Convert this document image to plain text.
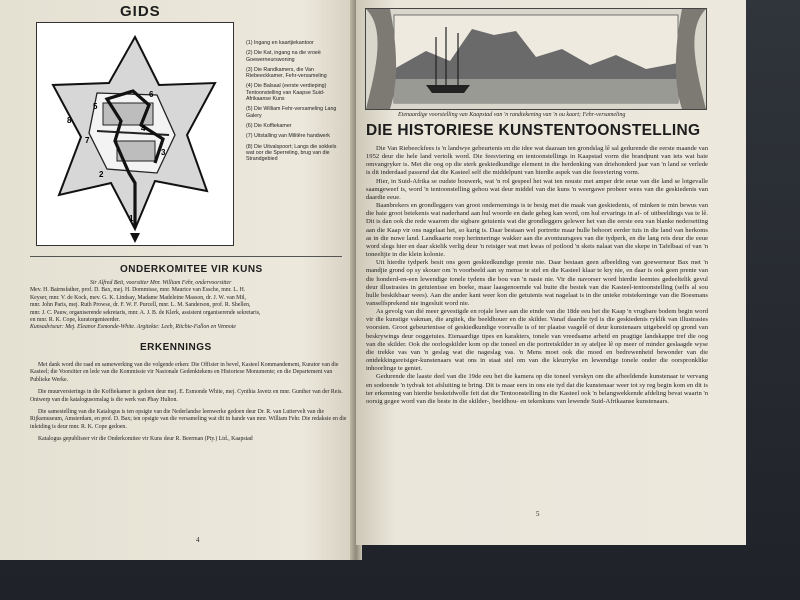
GIDS
1
2
3
4
5
6
7
8
(1) Ingang en kaartjiekantoor
(2) Die Kat, ingang na die vroeë Goewerneurswoning
(3) Die Randkamers, die Van Riebeeckkamer, Fehr-versameling
(4) Die Balsaal (eerste verdieping) Tentoonstelling van Kaapse Suid-Afrikaanse Kuns
(5) Die William Fehr-versameling Lang Galery
(6) Die Koffiekamer
(7) Uitstalling van Militêre handwerk
(8) Die Uitvalspoort; Langs die sokkels wat oor die Sperreling, brug van die Strandgebied
ONDERKOMITEE VIR KUNS
Sir Alfred Beit, voorsitter Mnr. William Fehr, ondervoorsitter
Mev. H. Bairnsfather, prof. D. Bax, mej. H. Dommisse, mnr. Maurice van Essche, mnr. L. H.
Keyser, mnr. V. de Kock, mev. G. K. Lindsay, Madame Madeleine Masson, dr. J. W. van Mil,
mnr. John Paris, mej. Ruth Prowse, dr. F. W. F. Purcell, mnr. L. M. Sanderson, prof. R. Shellen,
mnr. J. C. Pauw, organiserende sekretaris, mnr. A. J. B. de Klerk, assistent organiserende sekretaris,
en mnr. R. K. Cope, kuratorgenieerder.
Kunsadviseur: Mej. Eleanor Esmonde-White. Argitekte: Leeb, Ritchie-Fallon en Vennote
ERKENNINGS

Met dank word die raad en samewerking van die volgende erken: Die Offisier in bevel, Kasteel Kommandement, Kurator van die Kasteel; die Voorsitter en lede van die Kommissie vir Nasionale Gedenktekens en Historiese Monumente; en die Departement van Publieke Werke.

Die muurversierings in die Koffiekamer is gedoen deur mej. E. Esmonde White, mej. Cynthia Javetz en mnr. Gunther van der Reis. Ontwerp van die katalogusomslag is die werk van Phay Hulton.

Die samestelling van die Katalogus is ten opsigte van die Nederlandse leenwerke gedoen deur Dr. R. van Luttervelt van die Rijksmuseum, Amsterdam, en prof. D. Bax; ten opsigte van die versameling wat dit in hande van mnr. William Fehr. Die redaksie en die inleiding is deur mnr. R. K. Cope gedoen.

Katalogus gepubliseer vir die Onderkomitee vir Kuns deur R. Beerman (Pty.) Ltd., Kaapstad

4
Eienaardige voorstelling van Kaapstad van 'n randtekening van 'n ou kaart; Fehr-versameling
DIE HISTORIESE KUNSTENTOONSTELLING

Die Van Riebeeckfees is 'n landwye gebeurtenis en die idee wat daaraan ten grondslag lê sal gedurende die eerste maande van 1952 deur die hele land vertolk word. Die feesviering en tentoonstellings in Kaapstad vorm die brandpunt van iets wat baie omvangryker is. Met die oog op die sterk geskiedkundige element in die herdenking van driehonderd jaar van 'n land se verlede is dit inderdaad passend dat die Kasteel self die middelpunt van hierdie aspek van die feesviering vorm.

Hier, in Suid-Afrika se oudste bouwerk, wat 'n rol gespeel het wat ten nouste met amper drie eeue van die land se lotgevalle saamgeweef is, word 'n tentoonstelling gehou wat deur middel van die kuns 'n weergawe probeer wees van die geskiedenis van daardie eeue.

Baanbrekers en grondleggers van groot ondernemings is te besig met die maak van geskiedenis, of minken te min bewus van die baie groot betekenis wat naderhand aan hul woorde en dade geheg kan word, om hul ervarings in af- of uitbeeldings vas te lê. Dit is dan ook die rede waarom die sigbare getuienis wat die grondleggers gelewer het van die eerste eeu van blanke nedersetting aan die Kaap vir ons nagelaat het, so karig is. Daar bestaan wel portrette maar hulle behoort eerder tuis in die land van herkoms as in die nuwe land. Landkaarte roep herinneringe wakker aan die avontuursgees van die tydperk, en die lang reis deur die eeue word slegs hier en daar skielik verlig deur 'n reisiger wat met kwas of potlood 'n skets nalaat van die skepe in Tafelbaai of van 'n toneeltjie in die klein kolonie.

Uit hierdie tydperk besit ons geen geskiedkundige prente nie. Daar bestaan geen afbeelding van goewerneur Bax met 'n mandjie grond op sy skouer om 'n voorbeeld aan sy mense te stel en die Kasteel klaar te kry nie, en daar is ook geen prente van die honderd-en-een lewendige tonele tydens die bou van 'n nasie nie. Vir die navorser word hierdie leemtes gedeeltelik gevul deur illustrasies in getuienisse en boeke, maar laasgenoemde val buite die bestek van die Kasteel-tentoonstelling (selfs al sou hulle beskikbaar wees). Aan die ander kant weer kon die getuienis wat nagelaat is in die unieke rotstekeninge van die Boesmans vanselfsprekend nie ingesluit word nie.

As gevolg van dié meer gevestigde en rojale lewe aan die einde van die 18de eeu het die Kaap 'n vrugbare bodem begin word vir die kunstige vakman, die argitek, die beeldhouer en die skilder. Vanaf daardie tyd is die geskiedenis ryklik van illustrasies voorsien. Groot gebeurtenisse of geskiedkundige voorvalle is of ter plaatse vasgelê of deur kunstenaars uitgebeeld op grond van beskrywings deur ooggetuies. Eienaardige tipes en karakters, tonele van vreedsame arbeid en pragtige landskappe tref die oog van die skilder. Ook die oorlogskilder kom op die toneel en die portretskilder in sy ateljee lê op meer of minder geslaagde wyse die trekke vas van 'n geslag wat die nageslag vas. 'n Mens moet ook die moed en bedrewenheid bewonder van die ontdekkingsreisiger-kunstenaars wat ons in staat stel om van die kleurryke en lewendige tonele onder die oorspronklike inhoorlinge te geniet.

Gedurende die laaste deel van die 19de eeu het die kamera op die toneel verskyn om die afbeeldende kunstenaar te vervang en sodoende 'n tydvak tot afsluiting te bring. Dit is maar eers in ons eie tyd dat die kunstenaar weer tot sy reg begin kom en dit is ter erkenning van hierdie beskeidwolle feit dat die Tentoonstelling in die Kasteel ook 'n belangwekkende afdeling bevat waarin 'n oorsig gegee word van die beste in die skilder-, beeldhou- en tekenkuns van lewende Suid-Afrikaanse kunstenaars.

5
